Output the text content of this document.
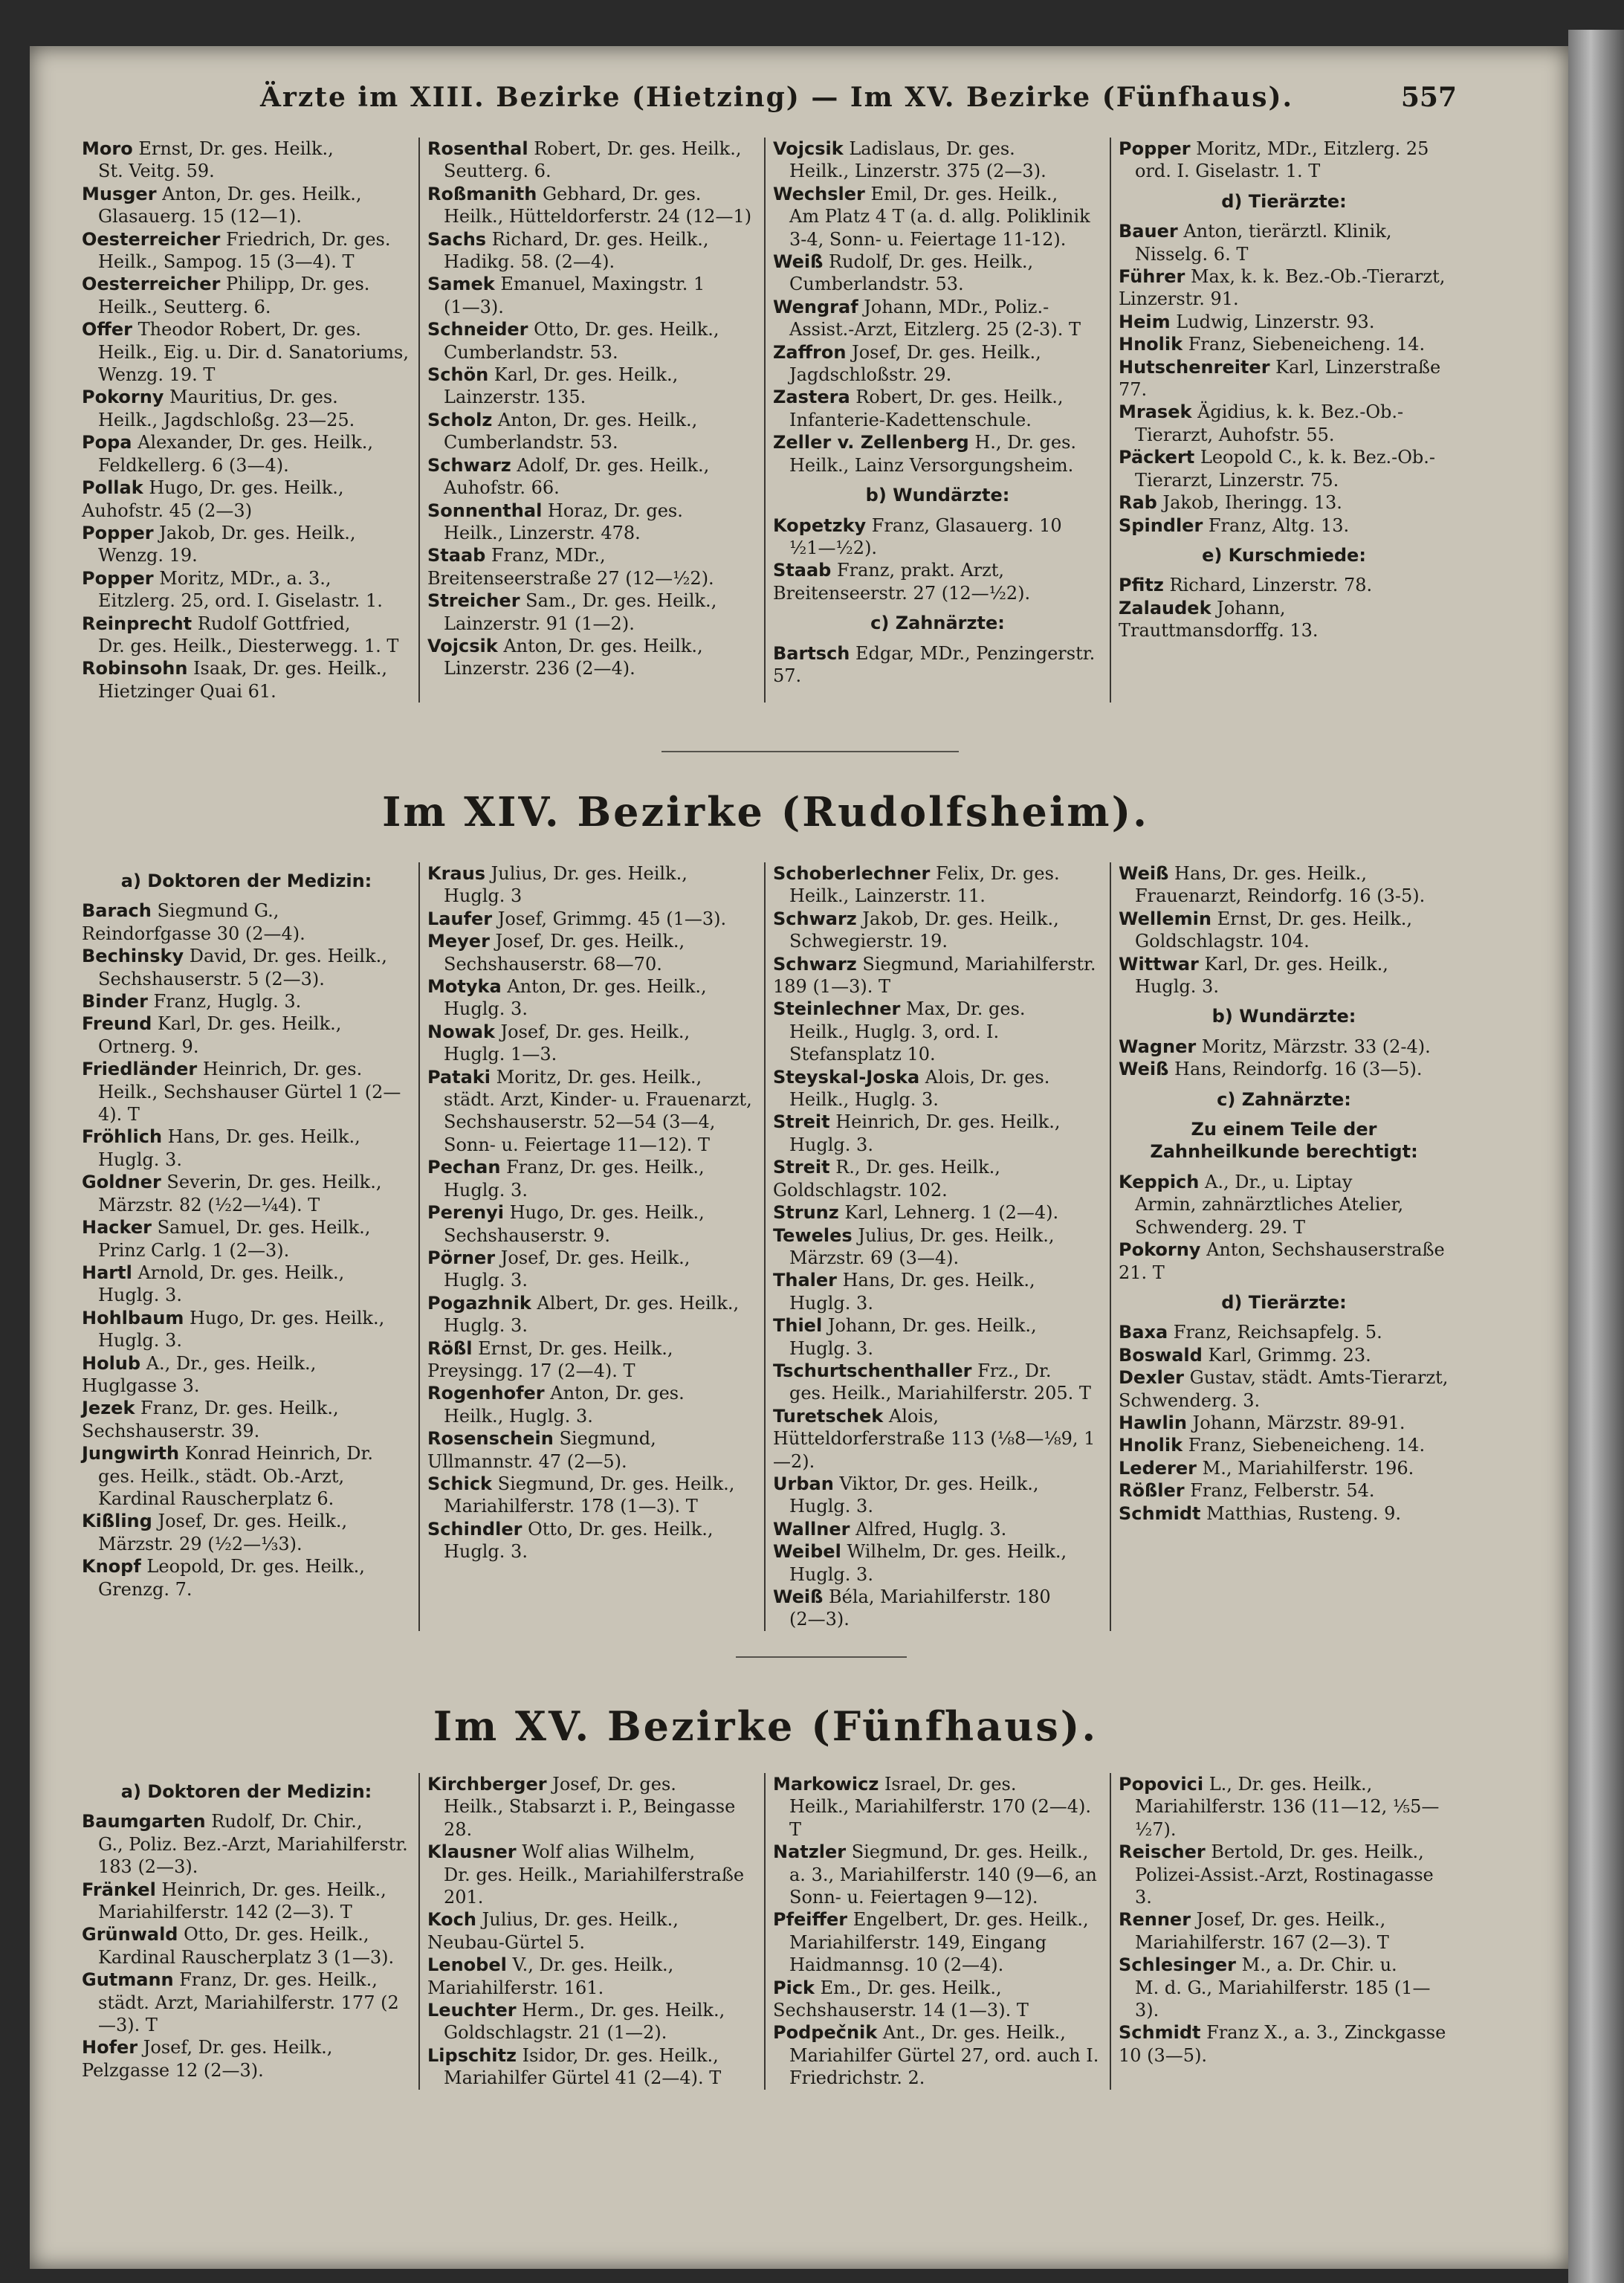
Ärzte im XIII. Bezirke (Hietzing) — Im XV. Bezirke (Fünfhaus).	557
Moro Ernst, Dr. ges. Heilk.,
St. Veitg. 59.
Musger Anton, Dr. ges. Heilk.,
Glasauerg. 15 (12—1).
Oesterreicher Friedrich, Dr. ges.
Heilk., Sampog. 15 (3—4). T
Oesterreicher Philipp, Dr. ges.
Heilk., Seutterg. 6.
Offer Theodor Robert, Dr. ges.
Heilk., Eig. u. Dir. d. Sanatoriums, Wenzg. 19. T
Pokorny Mauritius, Dr. ges.
Heilk., Jagdschloßg. 23—25.
Popa Alexander, Dr. ges. Heilk.,
Feldkellerg. 6 (3—4).
Pollak Hugo, Dr. ges. Heilk., Auhofstr. 45 (2—3)
Popper Jakob, Dr. ges. Heilk.,
Wenzg. 19.
Popper Moritz, MDr., a. 3.,
Eitzlerg. 25, ord. I. Giselastr. 1.
Reinprecht Rudolf Gottfried,
Dr. ges. Heilk., Diesterwegg. 1. T
Robinsohn Isaak, Dr. ges. Heilk.,
Hietzinger Quai 61.
Rosenthal Robert, Dr. ges. Heilk.,
Seutterg. 6.
Roßmanith Gebhard, Dr. ges.
Heilk., Hütteldorferstr. 24 (12—1)
Sachs Richard, Dr. ges. Heilk.,
Hadikg. 58. (2—4).
Samek Emanuel, Maxingstr. 1
(1—3).
Schneider Otto, Dr. ges. Heilk.,
Cumberlandstr. 53.
Schön Karl, Dr. ges. Heilk.,
Lainzerstr. 135.
Scholz Anton, Dr. ges. Heilk.,
Cumberlandstr. 53.
Schwarz Adolf, Dr. ges. Heilk.,
Auhofstr. 66.
Sonnenthal Horaz, Dr. ges.
Heilk., Linzerstr. 478.
Staab Franz, MDr., Breitenseerstraße 27 (12—½2).
Streicher Sam., Dr. ges. Heilk.,
Lainzerstr. 91 (1—2).
Vojcsik Anton, Dr. ges. Heilk.,
Linzerstr. 236 (2—4).
Vojcsik Ladislaus, Dr. ges.
Heilk., Linzerstr. 375 (2—3).
Wechsler Emil, Dr. ges. Heilk.,
Am Platz 4 T (a. d. allg. Poliklinik 3-4, Sonn- u. Feiertage 11-12).
Weiß Rudolf, Dr. ges. Heilk.,
Cumberlandstr. 53.
Wengraf Johann, MDr., Poliz.-
Assist.-Arzt, Eitzlerg. 25 (2-3). T
Zaffron Josef, Dr. ges. Heilk.,
Jagdschloßstr. 29.
Zastera Robert, Dr. ges. Heilk.,
Infanterie-Kadettenschule.
Zeller v. Zellenberg H., Dr. ges.
Heilk., Lainz Versorgungsheim.
b) Wundärzte:
Kopetzky Franz, Glasauerg. 10
½1—½2).
Staab Franz, prakt. Arzt, Breitenseerstr. 27 (12—½2).
c) Zahnärzte:
Bartsch Edgar, MDr., Penzingerstr. 57.
Popper Moritz, MDr., Eitzlerg. 25
ord. I. Giselastr. 1. T
d) Tierärzte:
Bauer Anton, tierärztl. Klinik,
Nisselg. 6. T
Führer Max, k. k. Bez.-Ob.-Tierarzt, Linzerstr. 91.
Heim Ludwig, Linzerstr. 93.
Hnolik Franz, Siebeneicheng. 14.
Hutschenreiter Karl, Linzerstraße 77.
Mrasek Ägidius, k. k. Bez.-Ob.-
Tierarzt, Auhofstr. 55.
Päckert Leopold C., k. k. Bez.-Ob.-
Tierarzt, Linzerstr. 75.
Rab Jakob, Iheringg. 13.
Spindler Franz, Altg. 13.
e) Kurschmiede:
Pfitz Richard, Linzerstr. 78.
Zalaudek Johann, Trauttmansdorffg. 13.
Im XIV. Bezirke (Rudolfsheim).
a) Doktoren der Medizin:
Barach Siegmund G., Reindorfgasse 30 (2—4).
Bechinsky David, Dr. ges. Heilk.,
Sechshauserstr. 5 (2—3).
Binder Franz, Huglg. 3.
Freund Karl, Dr. ges. Heilk.,
Ortnerg. 9.
Friedländer Heinrich, Dr. ges.
Heilk., Sechshauser Gürtel 1 (2—4). T
Fröhlich Hans, Dr. ges. Heilk.,
Huglg. 3.
Goldner Severin, Dr. ges. Heilk.,
Märzstr. 82 (½2—¼4). T
Hacker Samuel, Dr. ges. Heilk.,
Prinz Carlg. 1 (2—3).
Hartl Arnold, Dr. ges. Heilk.,
Huglg. 3.
Hohlbaum Hugo, Dr. ges. Heilk.,
Huglg. 3.
Holub A., Dr., ges. Heilk., Huglgasse 3.
Jezek Franz, Dr. ges. Heilk., Sechshauserstr. 39.
Jungwirth Konrad Heinrich, Dr.
ges. Heilk., städt. Ob.-Arzt, Kardinal Rauscherplatz 6.
Kißling Josef, Dr. ges. Heilk.,
Märzstr. 29 (½2—⅓3).
Knopf Leopold, Dr. ges. Heilk.,
Grenzg. 7.
Kraus Julius, Dr. ges. Heilk.,
Huglg. 3
Laufer Josef, Grimmg. 45 (1—3).
Meyer Josef, Dr. ges. Heilk.,
Sechshauserstr. 68—70.
Motyka Anton, Dr. ges. Heilk.,
Huglg. 3.
Nowak Josef, Dr. ges. Heilk.,
Huglg. 1—3.
Pataki Moritz, Dr. ges. Heilk.,
städt. Arzt, Kinder- u. Frauenarzt, Sechshauserstr. 52—54 (3—4, Sonn- u. Feiertage 11—12). T
Pechan Franz, Dr. ges. Heilk.,
Huglg. 3.
Perenyi Hugo, Dr. ges. Heilk.,
Sechshauserstr. 9.
Pörner Josef, Dr. ges. Heilk.,
Huglg. 3.
Pogazhnik Albert, Dr. ges. Heilk.,
Huglg. 3.
Rößl Ernst, Dr. ges. Heilk., Preysingg. 17 (2—4). T
Rogenhofer Anton, Dr. ges.
Heilk., Huglg. 3.
Rosenschein Siegmund, Ullmannstr. 47 (2—5).
Schick Siegmund, Dr. ges. Heilk.,
Mariahilferstr. 178 (1—3). T
Schindler Otto, Dr. ges. Heilk.,
Huglg. 3.
Schoberlechner Felix, Dr. ges.
Heilk., Lainzerstr. 11.
Schwarz Jakob, Dr. ges. Heilk.,
Schwegierstr. 19.
Schwarz Siegmund, Mariahilferstr. 189 (1—3). T
Steinlechner Max, Dr. ges.
Heilk., Huglg. 3, ord. I. Stefansplatz 10.
Steyskal-Joska Alois, Dr. ges.
Heilk., Huglg. 3.
Streit Heinrich, Dr. ges. Heilk.,
Huglg. 3.
Streit R., Dr. ges. Heilk., Goldschlagstr. 102.
Strunz Karl, Lehnerg. 1 (2—4).
Teweles Julius, Dr. ges. Heilk.,
Märzstr. 69 (3—4).
Thaler Hans, Dr. ges. Heilk.,
Huglg. 3.
Thiel Johann, Dr. ges. Heilk.,
Huglg. 3.
Tschurtschenthaller Frz., Dr.
ges. Heilk., Mariahilferstr. 205. T
Turetschek Alois, Hütteldorferstraße 113 (⅛8—⅛9, 1—2).
Urban Viktor, Dr. ges. Heilk.,
Huglg. 3.
Wallner Alfred, Huglg. 3.
Weibel Wilhelm, Dr. ges. Heilk.,
Huglg. 3.
Weiß Béla, Mariahilferstr. 180
(2—3).
Weiß Hans, Dr. ges. Heilk.,
Frauenarzt, Reindorfg. 16 (3-5).
Wellemin Ernst, Dr. ges. Heilk.,
Goldschlagstr. 104.
Wittwar Karl, Dr. ges. Heilk.,
Huglg. 3.
b) Wundärzte:
Wagner Moritz, Märzstr. 33 (2-4).
Weiß Hans, Reindorfg. 16 (3—5).
c) Zahnärzte:
Zu einem Teile der Zahnheilkunde berechtigt:
Keppich A., Dr., u. Liptay
Armin, zahnärztliches Atelier, Schwenderg. 29. T
Pokorny Anton, Sechshauserstraße 21. T
d) Tierärzte:
Baxa Franz, Reichsapfelg. 5.
Boswald Karl, Grimmg. 23.
Dexler Gustav, städt. Amts-Tierarzt, Schwenderg. 3.
Hawlin Johann, Märzstr. 89-91.
Hnolik Franz, Siebeneicheng. 14.
Lederer M., Mariahilferstr. 196.
Rößler Franz, Felberstr. 54.
Schmidt Matthias, Rusteng. 9.
Im XV. Bezirke (Fünfhaus).
a) Doktoren der Medizin:
Baumgarten Rudolf, Dr. Chir.,
G., Poliz. Bez.-Arzt, Mariahilferstr. 183 (2—3).
Fränkel Heinrich, Dr. ges. Heilk.,
Mariahilferstr. 142 (2—3). T
Grünwald Otto, Dr. ges. Heilk.,
Kardinal Rauscherplatz 3 (1—3).
Gutmann Franz, Dr. ges. Heilk.,
städt. Arzt, Mariahilferstr. 177 (2—3). T
Hofer Josef, Dr. ges. Heilk., Pelzgasse 12 (2—3).
Kirchberger Josef, Dr. ges.
Heilk., Stabsarzt i. P., Beingasse 28.
Klausner Wolf alias Wilhelm,
Dr. ges. Heilk., Mariahilferstraße 201.
Koch Julius, Dr. ges. Heilk., Neubau-Gürtel 5.
Lenobel V., Dr. ges. Heilk., Mariahilferstr. 161.
Leuchter Herm., Dr. ges. Heilk.,
Goldschlagstr. 21 (1—2).
Lipschitz Isidor, Dr. ges. Heilk.,
Mariahilfer Gürtel 41 (2—4). T
Markowicz Israel, Dr. ges.
Heilk., Mariahilferstr. 170 (2—4). T
Natzler Siegmund, Dr. ges. Heilk.,
a. 3., Mariahilferstr. 140 (9—6, an Sonn- u. Feiertagen 9—12).
Pfeiffer Engelbert, Dr. ges. Heilk.,
Mariahilferstr. 149, Eingang Haidmannsg. 10 (2—4).
Pick Em., Dr. ges. Heilk., Sechshauserstr. 14 (1—3). T
Podpečnik Ant., Dr. ges. Heilk.,
Mariahilfer Gürtel 27, ord. auch I. Friedrichstr. 2.
Popovici L., Dr. ges. Heilk.,
Mariahilferstr. 136 (11—12, ⅕5—½7).
Reischer Bertold, Dr. ges. Heilk.,
Polizei-Assist.-Arzt, Rostinagasse 3.
Renner Josef, Dr. ges. Heilk.,
Mariahilferstr. 167 (2—3). T
Schlesinger M., a. Dr. Chir. u.
M. d. G., Mariahilferstr. 185 (1—3).
Schmidt Franz X., a. 3., Zinckgasse 10 (3—5).
